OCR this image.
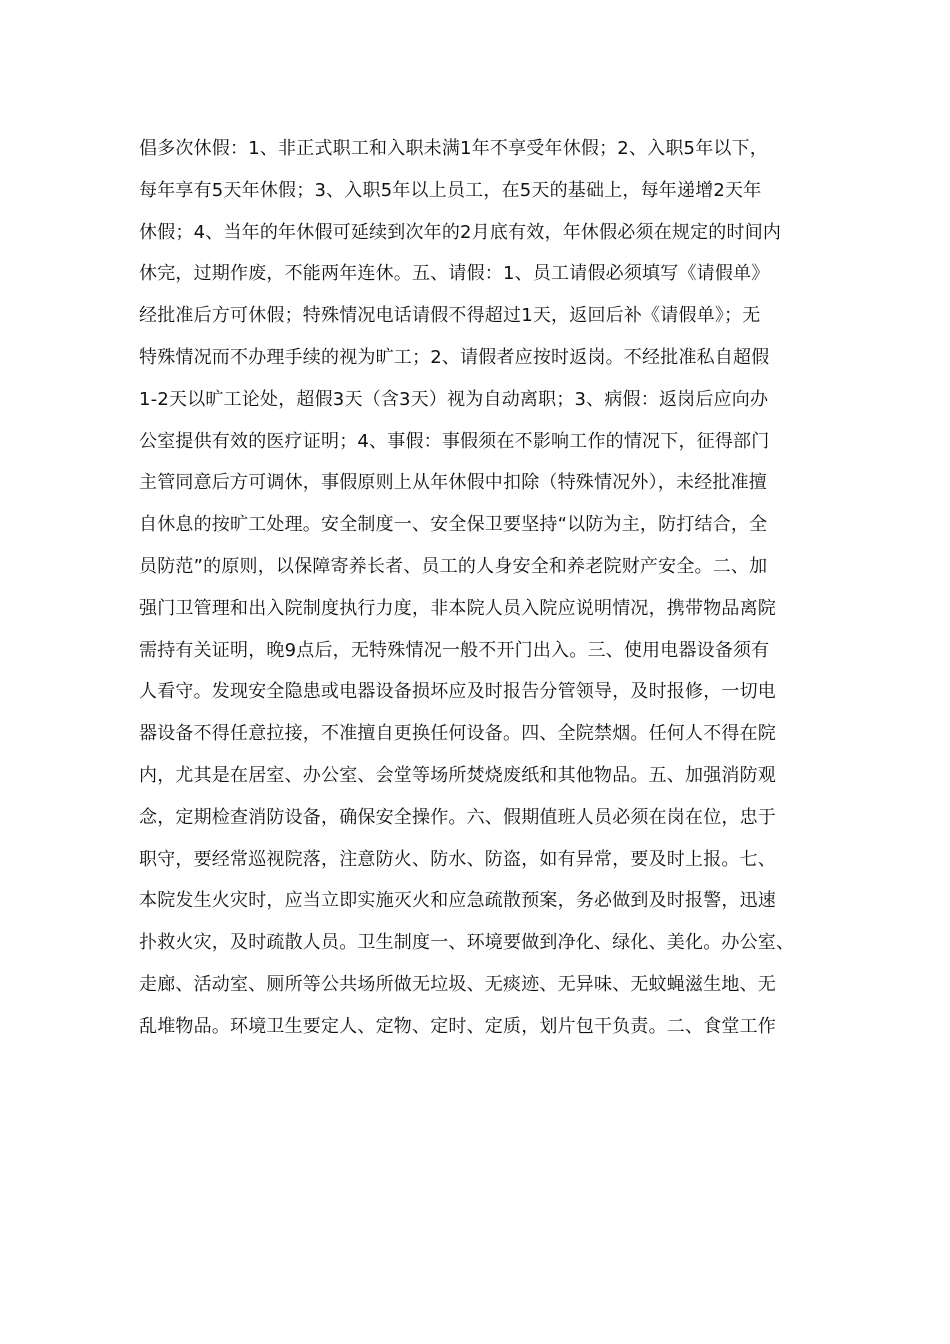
倡多次休假：1、非正式职工和入职未满1年不享受年休假；2、入职5年以下，
每年享有5天年休假；3、入职5年以上员工，在5天的基础上，每年递增2天年
休假；4、当年的年休假可延续到次年的2月底有效，年休假必须在规定的时间内
休完，过期作废，不能两年连休。五、请假：1、员工请假必须填写《请假单》
经批准后方可休假；特殊情况电话请假不得超过1天，返回后补《请假单》；无
特殊情况而不办理手续的视为旷工；2、请假者应按时返岗。不经批准私自超假
1-2天以旷工论处，超假3天（含3天）视为自动离职；3、病假：返岗后应向办
公室提供有效的医疗证明；4、事假：事假须在不影响工作的情况下，征得部门
主管同意后方可调休，事假原则上从年休假中扣除（特殊情况外），未经批准擅
自休息的按旷工处理。安全制度一、安全保卫要坚持“以防为主，防打结合，全
员防范”的原则，以保障寄养长者、员工的人身安全和养老院财产安全。二、加
强门卫管理和出入院制度执行力度，非本院人员入院应说明情况，携带物品离院
需持有关证明，晚9点后，无特殊情况一般不开门出入。三、使用电器设备须有
人看守。发现安全隐患或电器设备损坏应及时报告分管领导，及时报修，一切电
器设备不得任意拉接，不准擅自更换任何设备。四、全院禁烟。任何人不得在院
内，尤其是在居室、办公室、会堂等场所焚烧废纸和其他物品。五、加强消防观
念，定期检查消防设备，确保安全操作。六、假期值班人员必须在岗在位，忠于
职守，要经常巡视院落，注意防火、防水、防盗，如有异常，要及时上报。七、
本院发生火灾时，应当立即实施灭火和应急疏散预案，务必做到及时报警，迅速
扑救火灾，及时疏散人员。卫生制度一、环境要做到净化、绿化、美化。办公室、
走廊、活动室、厕所等公共场所做无垃圾、无痰迹、无异味、无蚊蝇滋生地、无
乱堆物品。环境卫生要定人、定物、定时、定质，划片包干负责。二、食堂工作
